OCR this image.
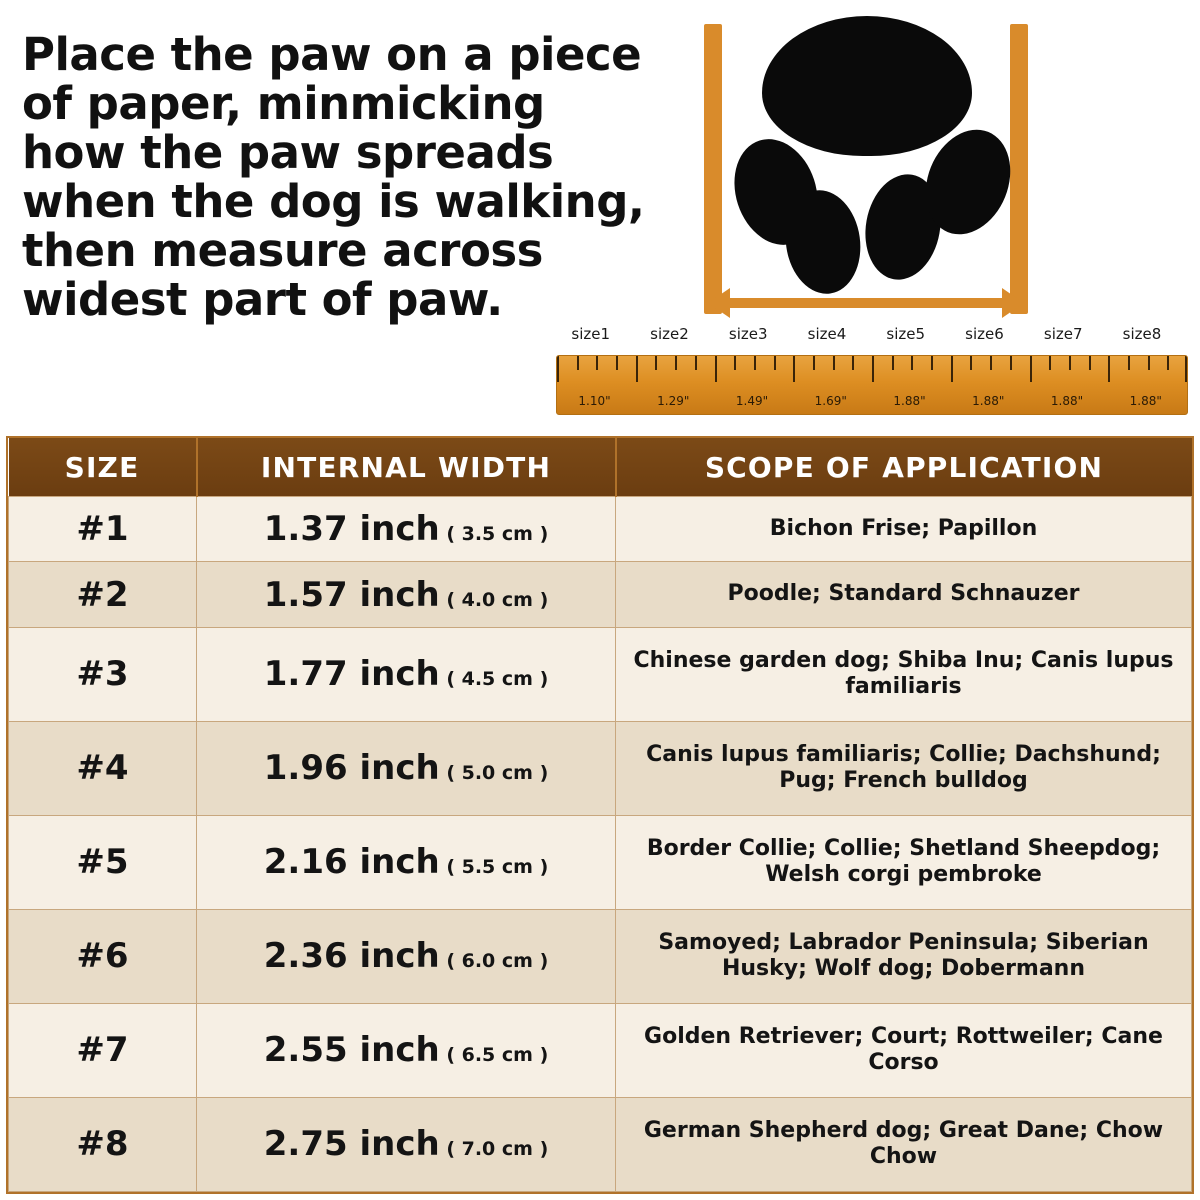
Place the paw on a piece of paper, minmicking how the paw spreads when the dog is walking, then measure across widest part of paw.
size1	size2	size3	size4	size5	size6	size7	size8
1.10"	1.29"	1.49"	1.69"	1.88"	1.88"	1.88"	1.88"
SIZE	INTERNAL WIDTH	SCOPE OF APPLICATION
#1	1.37 inch ( 3.5 cm )	Bichon Frise; Papillon
#2	1.57 inch ( 4.0 cm )	Poodle; Standard Schnauzer
#3	1.77 inch ( 4.5 cm )	Chinese garden dog; Shiba Inu; Canis lupus familiaris
#4	1.96 inch ( 5.0 cm )	Canis lupus familiaris; Collie; Dachshund; Pug; French bulldog
#5	2.16 inch ( 5.5 cm )	Border Collie; Collie; Shetland Sheepdog; Welsh corgi pembroke
#6	2.36 inch ( 6.0 cm )	Samoyed; Labrador Peninsula; Siberian Husky; Wolf dog; Dobermann
#7	2.55 inch ( 6.5 cm )	Golden Retriever; Court; Rottweiler; Cane Corso
#8	2.75 inch ( 7.0 cm )	German Shepherd dog; Great Dane; Chow Chow
